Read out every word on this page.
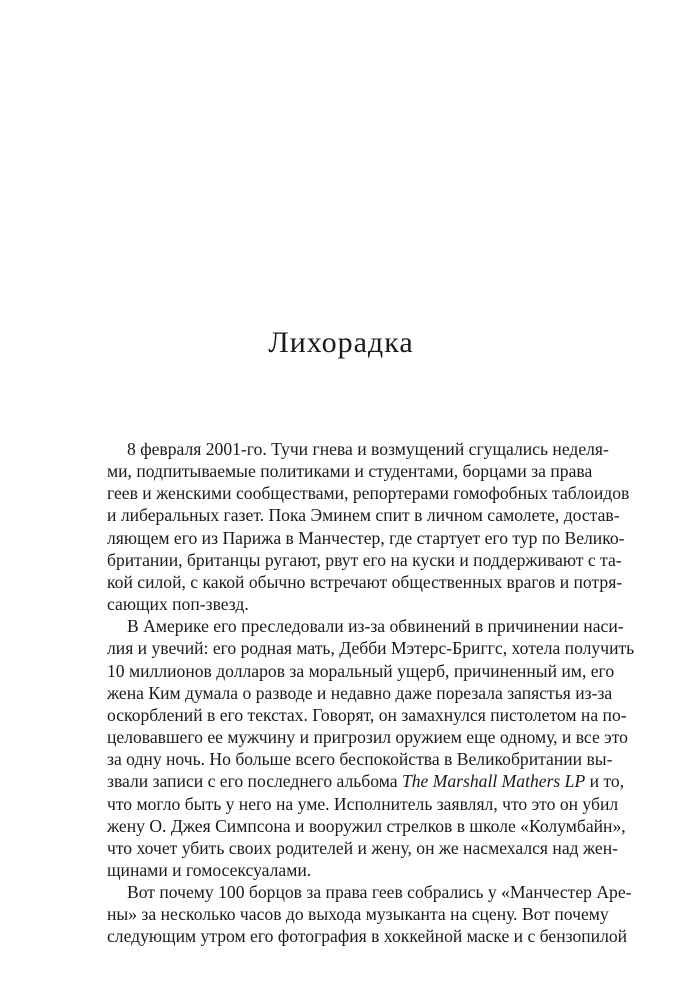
Лихорадка

8 февраля 2001-го. Тучи гнева и возмущений сгущались неделя-
ми, подпитываемые политиками и студентами, борцами за права
геев и женскими сообществами, репортерами гомофобных таблоидов
и либеральных газет. Пока Эминем спит в личном самолете, достав-
ляющем его из Парижа в Манчестер, где стартует его тур по Велико-
британии, британцы ругают, рвут его на куски и поддерживают с та-
кой силой, с какой обычно встречают общественных врагов и потря-
сающих поп-звезд.

В Америке его преследовали из-за обвинений в причинении наси-
лия и увечий: его родная мать, Дебби Мэтерс-Бриггс, хотела получить
10 миллионов долларов за моральный ущерб, причиненный им, его
жена Ким думала о разводе и недавно даже порезала запястья из-за
оскорблений в его текстах. Говорят, он замахнулся пистолетом на по-
целовавшего ее мужчину и пригрозил оружием еще одному, и все это
за одну ночь. Но больше всего беспокойства в Великобритании вы-
звали записи с его последнего альбома The Marshall Mathers LP и то,
что могло быть у него на уме. Исполнитель заявлял, что это он убил
жену О. Джея Симпсона и вооружил стрелков в школе «Колумбайн»,
что хочет убить своих родителей и жену, он же насмехался над жен-
щинами и гомосексуалами.

Вот почему 100 борцов за права геев собрались у «Манчестер Аре-
ны» за несколько часов до выхода музыканта на сцену. Вот почему
следующим утром его фотография в хоккейной маске и с бензопилой
